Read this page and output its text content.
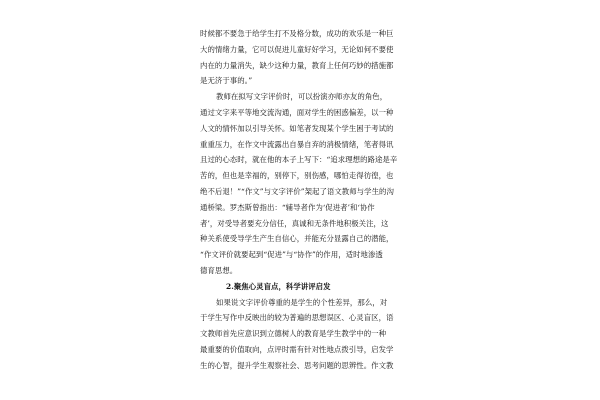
时候都不要急于给学生打不及格分数，成功的欢乐是一种巨
大的情绪力量，它可以促进儿童好好学习，无论如何不要使
内在的力量消失，缺少这种力量，教育上任何巧妙的措施都
是无济于事的。”
教师在拟写文字评价时，可以扮演亦师亦友的角色，
通过文字来平等地交流沟通，面对学生的困惑偏差，以一种
人文的情怀加以引导关怀。如笔者发现某个学生困于考试的
重重压力，在作文中流露出自暴自弃的消极情绪，笔者得讯
且过的心态时，就在他的本子上写下：“追求理想的路途是辛
苦的，但也是幸福的，别停下，别伤感，哪怕走得彷徨，也
绝不后退！”“作文”与文字评价”架起了语文教师与学生的沟
通桥梁。罗杰斯曾指出：“辅导者作为‘促进者’和‘协作
者’，对受导者要充分信任，真诚和无条件地积极关注，这
种关系使受导学生产生自信心，并能充分显露自己的潜能，
“作文评价就要起到“促进”与“协作”的作用，适时地渗透
德育思想。
2.聚焦心灵盲点，科学讲评启发
如果说文字评价尊重的是学生的个性差异，那么，对
于学生写作中反映出的较为普遍的思想误区、心灵盲区，语
文教师首先应意识到立德树人的教育是学生教学中的一种
最重要的价值取向，点评时需有针对性地点拨引导，启发学
生的心智，提升学生观察社会、思考问题的思辨性。作文教
